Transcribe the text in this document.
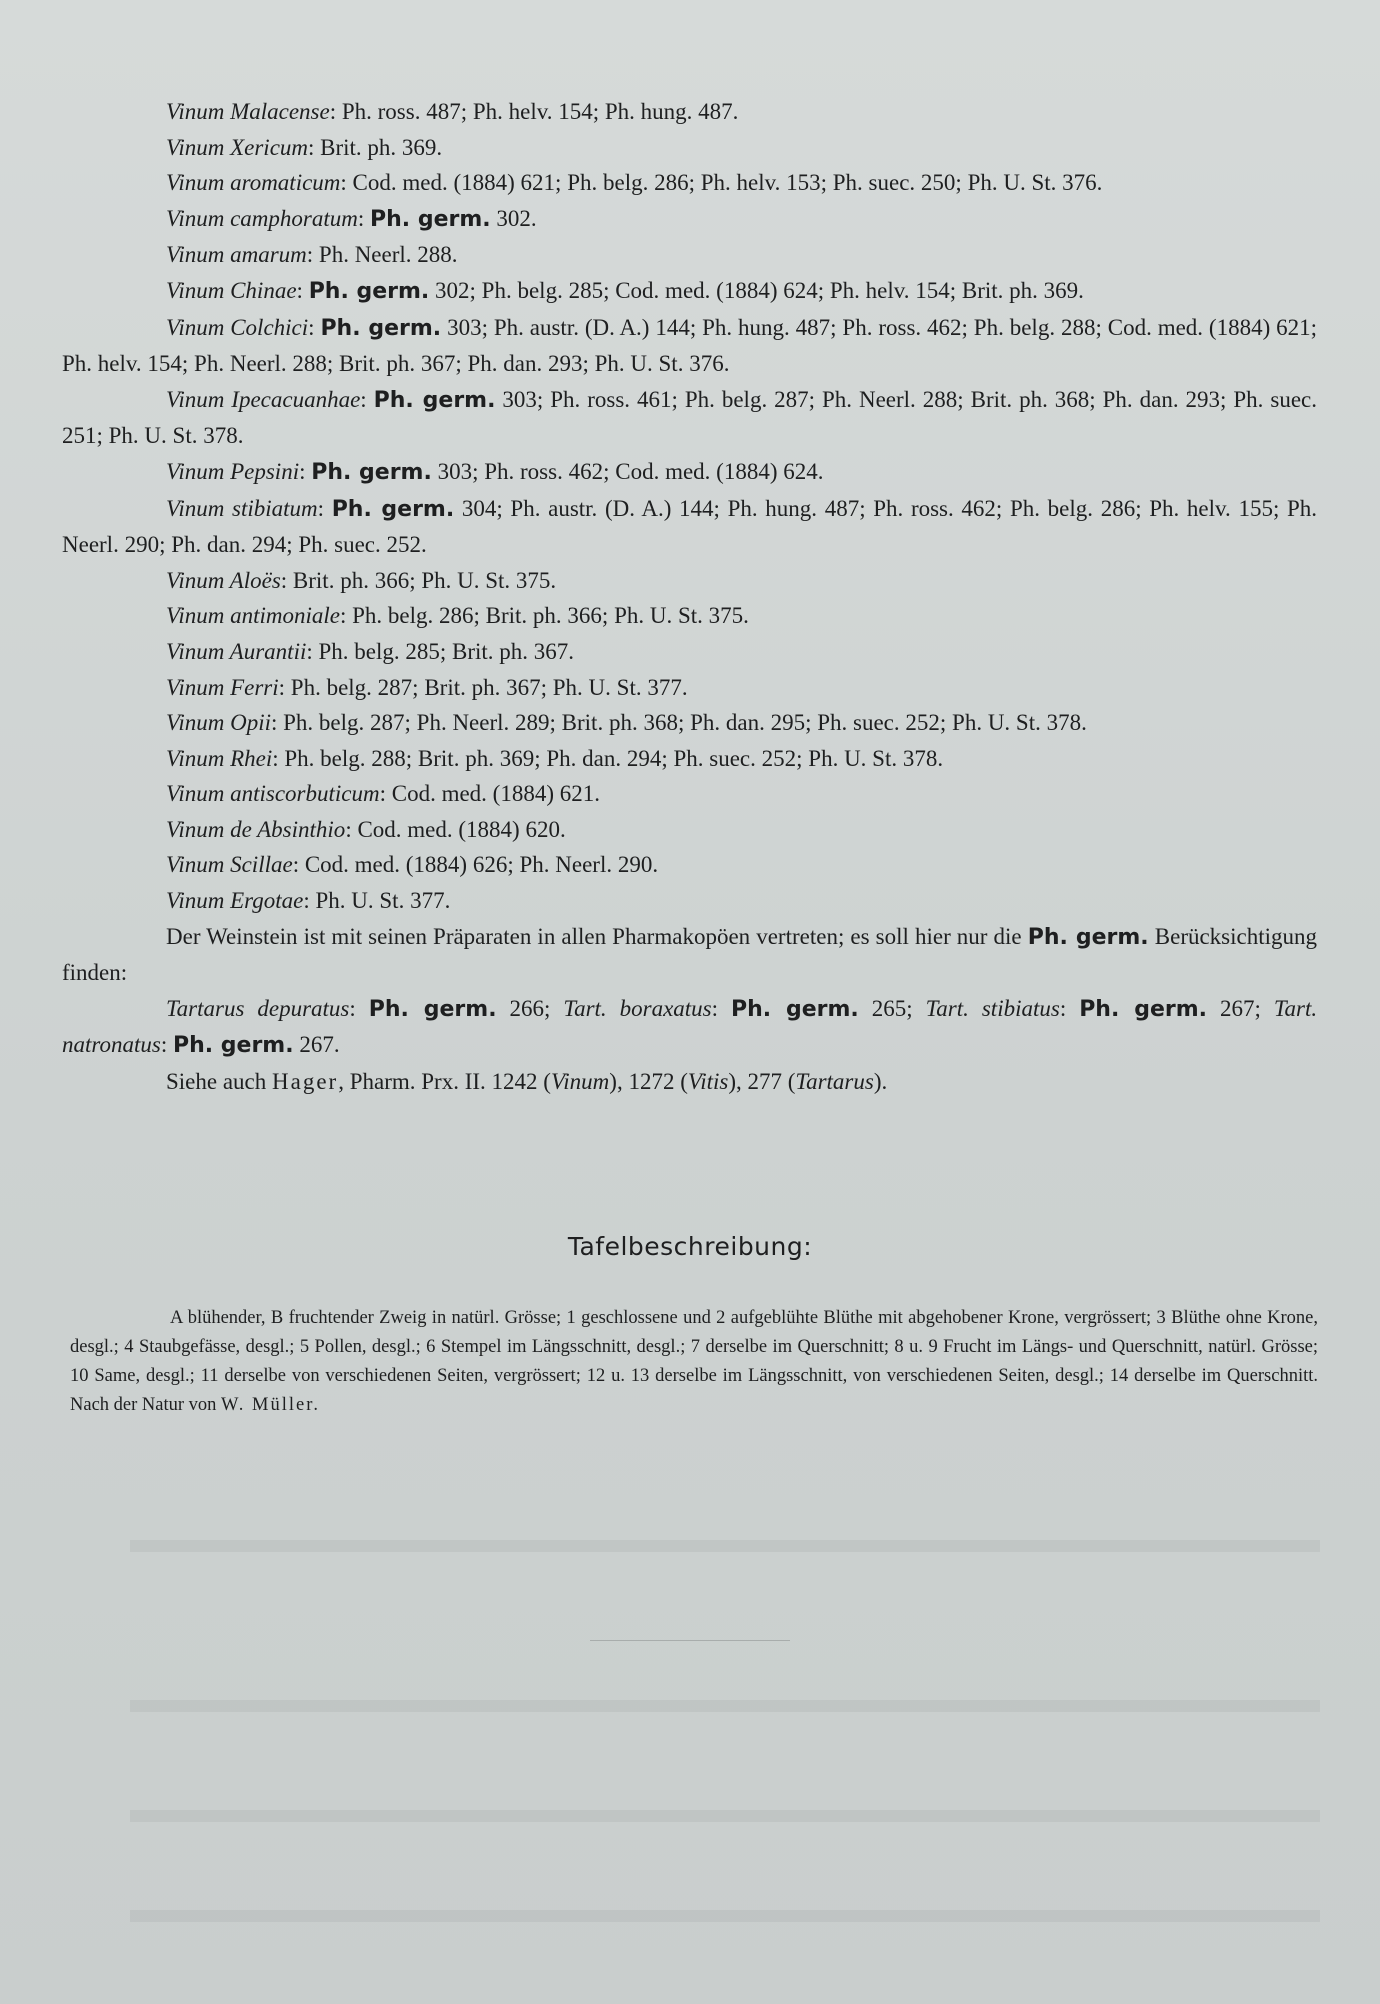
Vinum Malacense: Ph. ross. 487; Ph. helv. 154; Ph. hung. 487.

Vinum Xericum: Brit. ph. 369.

Vinum aromaticum: Cod. med. (1884) 621; Ph. belg. 286; Ph. helv. 153; Ph. suec. 250; Ph. U. St. 376.

Vinum camphoratum: Ph. germ. 302.

Vinum amarum: Ph. Neerl. 288.

Vinum Chinae: Ph. germ. 302; Ph. belg. 285; Cod. med. (1884) 624; Ph. helv. 154; Brit. ph. 369.

Vinum Colchici: Ph. germ. 303; Ph. austr. (D. A.) 144; Ph. hung. 487; Ph. ross. 462; Ph. belg. 288; Cod. med. (1884) 621; Ph. helv. 154; Ph. Neerl. 288; Brit. ph. 367; Ph. dan. 293; Ph. U. St. 376.

Vinum Ipecacuanhae: Ph. germ. 303; Ph. ross. 461; Ph. belg. 287; Ph. Neerl. 288; Brit. ph. 368; Ph. dan. 293; Ph. suec. 251; Ph. U. St. 378.

Vinum Pepsini: Ph. germ. 303; Ph. ross. 462; Cod. med. (1884) 624.

Vinum stibiatum: Ph. germ. 304; Ph. austr. (D. A.) 144; Ph. hung. 487; Ph. ross. 462; Ph. belg. 286; Ph. helv. 155; Ph. Neerl. 290; Ph. dan. 294; Ph. suec. 252.

Vinum Aloës: Brit. ph. 366; Ph. U. St. 375.

Vinum antimoniale: Ph. belg. 286; Brit. ph. 366; Ph. U. St. 375.

Vinum Aurantii: Ph. belg. 285; Brit. ph. 367.

Vinum Ferri: Ph. belg. 287; Brit. ph. 367; Ph. U. St. 377.

Vinum Opii: Ph. belg. 287; Ph. Neerl. 289; Brit. ph. 368; Ph. dan. 295; Ph. suec. 252; Ph. U. St. 378.

Vinum Rhei: Ph. belg. 288; Brit. ph. 369; Ph. dan. 294; Ph. suec. 252; Ph. U. St. 378.

Vinum antiscorbuticum: Cod. med. (1884) 621.

Vinum de Absinthio: Cod. med. (1884) 620.

Vinum Scillae: Cod. med. (1884) 626; Ph. Neerl. 290.

Vinum Ergotae: Ph. U. St. 377.

Der Weinstein ist mit seinen Präparaten in allen Pharmakopöen vertreten; es soll hier nur die Ph. germ. Berücksichtigung finden:

Tartarus depuratus: Ph. germ. 266; Tart. boraxatus: Ph. germ. 265; Tart. stibiatus: Ph. germ. 267; Tart. natronatus: Ph. germ. 267.

Siehe auch Hager, Pharm. Prx. II. 1242 (Vinum), 1272 (Vitis), 277 (Tartarus).

Tafelbeschreibung:

A blühender, B fruchtender Zweig in natürl. Grösse; 1 geschlossene und 2 aufgeblühte Blüthe mit abgehobener Krone, vergrössert; 3 Blüthe ohne Krone, desgl.; 4 Staubgefässe, desgl.; 5 Pollen, desgl.; 6 Stempel im Längsschnitt, desgl.; 7 derselbe im Querschnitt; 8 u. 9 Frucht im Längs- und Querschnitt, natürl. Grösse; 10 Same, desgl.; 11 derselbe von verschiedenen Seiten, vergrössert; 12 u. 13 derselbe im Längsschnitt, von verschiedenen Seiten, desgl.; 14 derselbe im Querschnitt. Nach der Natur von W. Müller.
